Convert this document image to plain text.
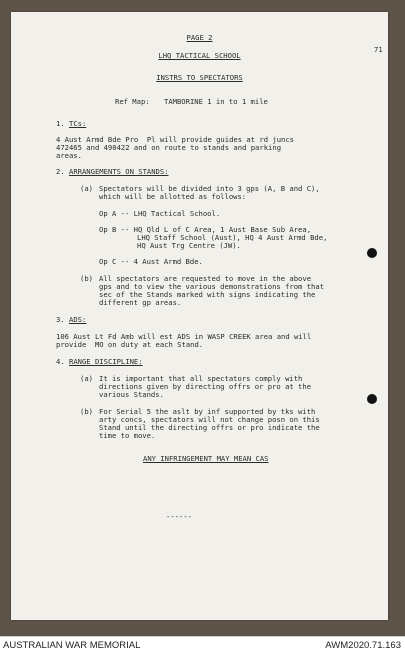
PAGE 2
LHQ TACTICAL SCHOOL
71
INSTRS TO SPECTATORS
Ref Map: TAMBORINE 1 in to 1 mile
1. TCs:
4 Aust Armd Bde Pro  Pl will provide guides at rd juncs
472465 and 490422 and on route to stands and parking
areas.
2. ARRANGEMENTS ON STANDS:
(a) Spectators will be divided into 3 gps (A, B and C),
which will be allotted as follows:
Op A -- LHQ Tactical School.
Op B -- HQ Qld L of C Area, 1 Aust Base Sub Area,
LHQ Staff School (Aust), HQ 4 Aust Armd Bde,
HQ Aust Trg Centre (JW).
Op C -- 4 Aust Armd Bde.
(b) All spectators are requested to move in the above
gps and to view the various demonstrations from that
sec of the Stands marked with signs indicating the
different gp areas.
3. ADS:
106 Aust Lt Fd Amb will est ADS in WASP CREEK area and will
provide  MO on duty at each Stand.
4. RANGE DISCIPLINE:
(a) It is important that all spectators comply with
directions given by directing offrs or pro at the
various Stands.
(b) For Serial 5 the aslt by inf supported by tks with
arty concs, spectators will not change posn on this
Stand until the directing offrs or pro indicate the
time to move.
ANY INFRINGEMENT MAY MEAN CAS
------
AUSTRALIAN WAR MEMORIAL	AWM2020.71.163
